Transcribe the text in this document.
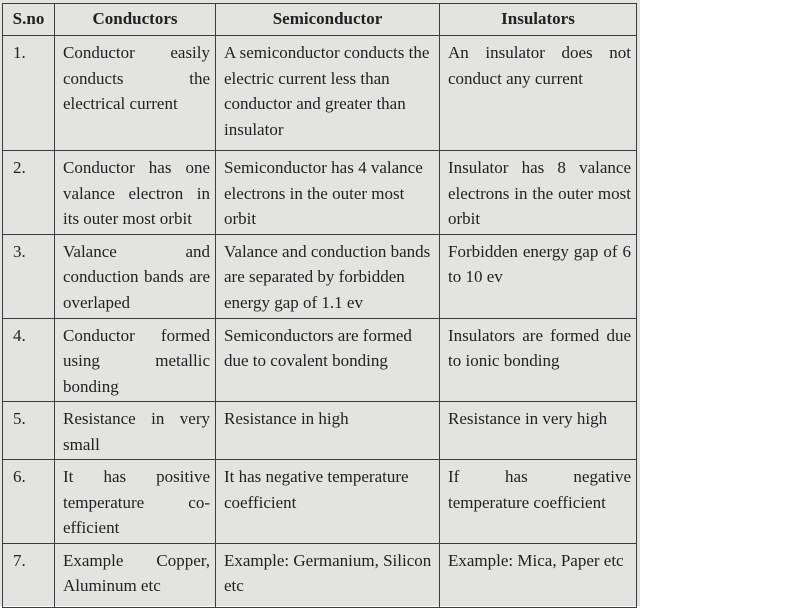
S.no	Conductors	Semiconductor	Insulators
1.	Conductor easily conducts the electrical current	A semiconductor conducts the electric current less than conductor and greater than insulator	An insulator does not conduct any current
2.	Conductor has one valance electron in its outer most orbit	Semiconductor has 4 valance electrons in the outer most orbit	Insulator has 8 valance electrons in the outer most orbit
3.	Valance and conduction bands are overlaped	Valance and conduction bands are separated by forbidden energy gap of 1.1 ev	Forbidden energy gap of 6 to 10 ev
4.	Conductor formed using metallic bonding	Semiconductors are formed due to covalent bonding	Insulators are formed due to ionic bonding
5.	Resistance in very small	Resistance in high	Resistance in very high
6.	It has positive temperature co-efficient	It has negative temperature coefficient	If has negative temperature coefficient
7.	Example Copper, Aluminum etc	Example: Germanium, Silicon etc	Example: Mica, Paper etc
